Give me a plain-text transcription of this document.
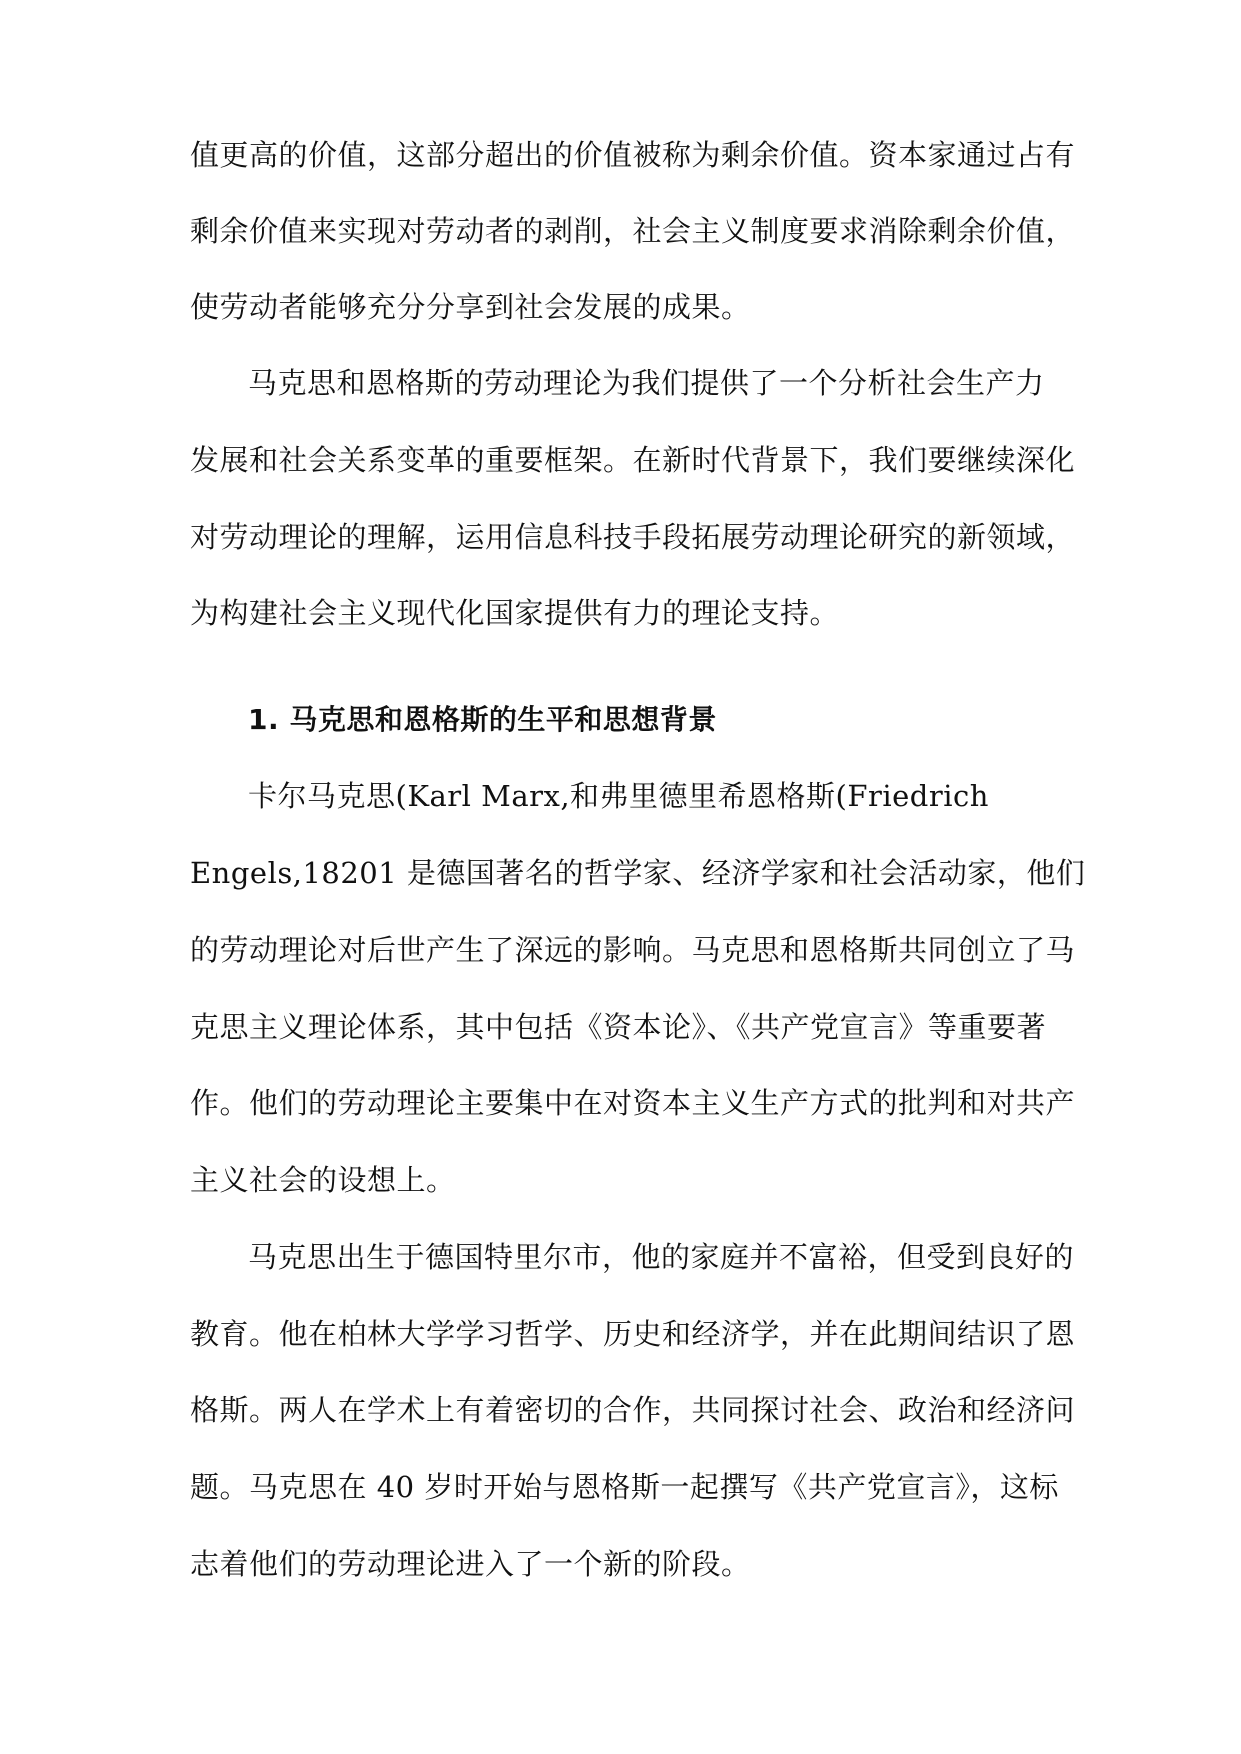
值更高的价值，这部分超出的价值被称为剩余价值。资本家通过占有
剩余价值来实现对劳动者的剥削，社会主义制度要求消除剩余价值，
使劳动者能够充分分享到社会发展的成果。
马克思和恩格斯的劳动理论为我们提供了一个分析社会生产力
发展和社会关系变革的重要框架。在新时代背景下，我们要继续深化
对劳动理论的理解，运用信息科技手段拓展劳动理论研究的新领域，
为构建社会主义现代化国家提供有力的理论支持。
1. 马克思和恩格斯的生平和思想背景
卡尔马克思(Karl Marx,和弗里德里希恩格斯(Friedrich
Engels,18201 是德国著名的哲学家、经济学家和社会活动家，他们
的劳动理论对后世产生了深远的影响。马克思和恩格斯共同创立了马
克思主义理论体系，其中包括《资本论》、《共产党宣言》等重要著
作。他们的劳动理论主要集中在对资本主义生产方式的批判和对共产
主义社会的设想上。
马克思出生于德国特里尔市，他的家庭并不富裕，但受到良好的
教育。他在柏林大学学习哲学、历史和经济学，并在此期间结识了恩
格斯。两人在学术上有着密切的合作，共同探讨社会、政治和经济问
题。马克思在 40 岁时开始与恩格斯一起撰写《共产党宣言》，这标
志着他们的劳动理论进入了一个新的阶段。
